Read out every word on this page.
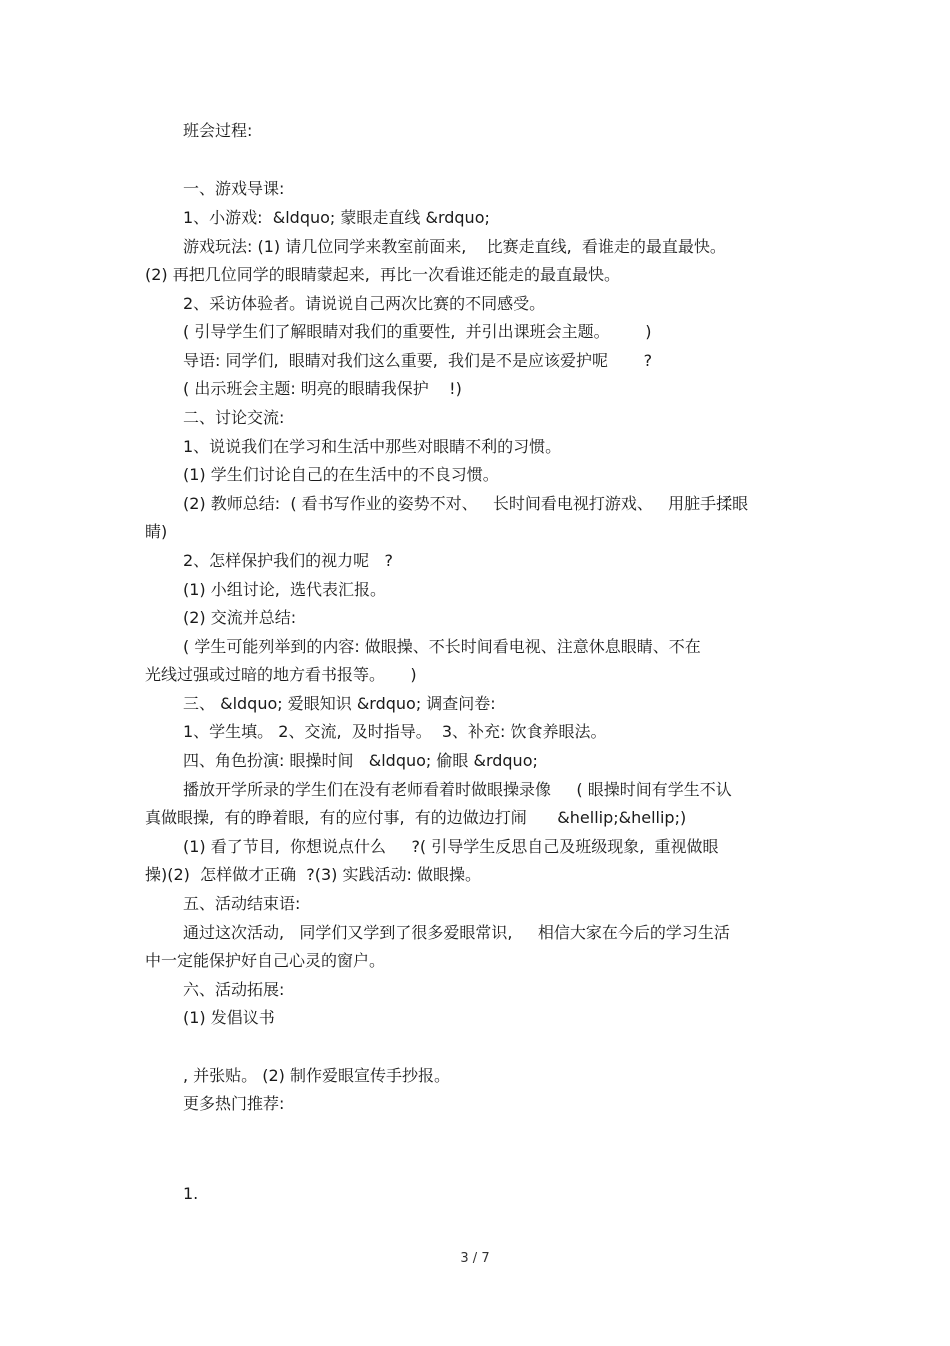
班会过程:
一、游戏导课:
1、小游戏:  &ldquo; 蒙眼走直线 &rdquo;
游戏玩法: (1) 请几位同学来教室前面来,    比赛走直线,  看谁走的最直最快。
(2) 再把几位同学的眼睛蒙起来,  再比一次看谁还能走的最直最快。
2、采访体验者。请说说自己两次比赛的不同感受。
( 引导学生们了解眼睛对我们的重要性,  并引出课班会主题。       )
导语: 同学们,  眼睛对我们这么重要,  我们是不是应该爱护呢       ?
( 出示班会主题: 明亮的眼睛我保护    !)
二、讨论交流:
1、说说我们在学习和生活中那些对眼睛不利的习惯。
(1) 学生们讨论自己的在生活中的不良习惯。
(2) 教师总结:  ( 看书写作业的姿势不对、   长时间看电视打游戏、   用脏手揉眼
睛)
2、怎样保护我们的视力呢   ?
(1) 小组讨论,  选代表汇报。
(2) 交流并总结:
( 学生可能列举到的内容: 做眼操、不长时间看电视、注意休息眼睛、不在
光线过强或过暗的地方看书报等。     )
三、 &ldquo; 爱眼知识 &rdquo; 调查问卷:
1、学生填。 2、交流,  及时指导。  3、补充: 饮食养眼法。
四、角色扮演: 眼操时间   &ldquo; 偷眼 &rdquo;
播放开学所录的学生们在没有老师看着时做眼操录像     ( 眼操时间有学生不认
真做眼操,  有的睁着眼,  有的应付事,  有的边做边打闹      &hellip;&hellip;)
(1) 看了节目,  你想说点什么     ?( 引导学生反思自己及班级现象,  重视做眼
操)(2)  怎样做才正确  ?(3) 实践活动: 做眼操。
五、活动结束语:
通过这次活动,   同学们又学到了很多爱眼常识,     相信大家在今后的学习生活
中一定能保护好自己心灵的窗户。
六、活动拓展:
(1) 发倡议书
, 并张贴。 (2) 制作爱眼宣传手抄报。
更多热门推荐:
1.
3 / 7
